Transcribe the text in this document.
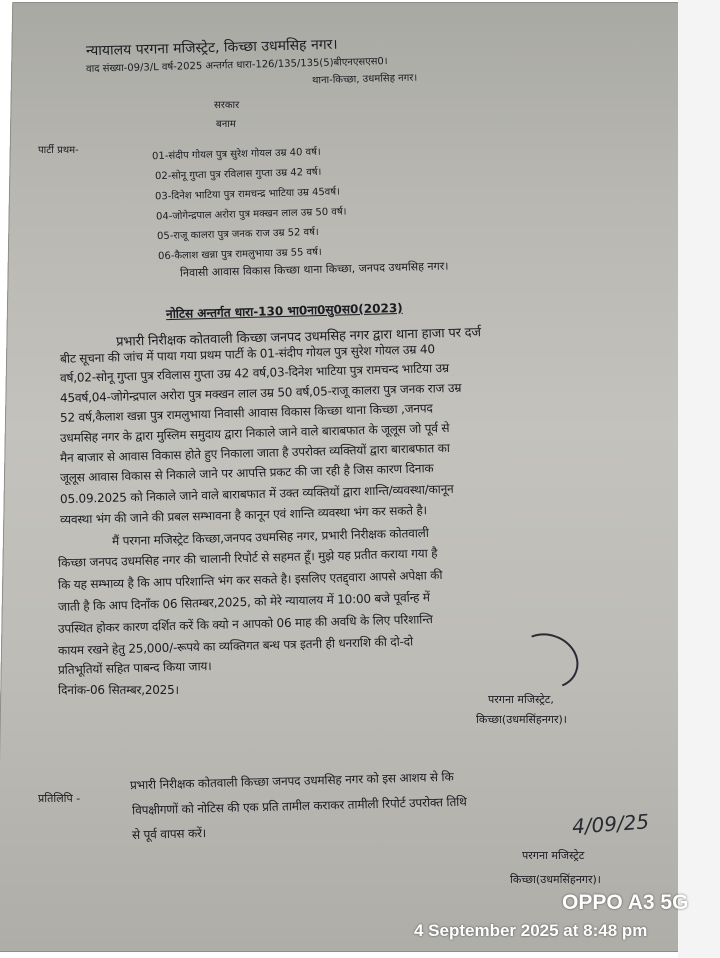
न्यायालय परगना मजिस्ट्रेट, किच्छा उधमसिह नगर।
वाद संख्या-09/3/L वर्ष-2025 अन्तर्गत धारा-126/135/135(5)बीएनएसएस0।
थाना-किच्छा, उधमसिह नगर।
सरकार
बनाम
पार्टी प्रथम-	01-संदीप गोयल पुत्र सुरेश गोयल उम्र 40 वर्ष।
02-सोनू गुप्ता पुत्र रविलास गुप्ता उम्र 42 वर्ष।
03-दिनेश भाटिया पुत्र रामचन्द्र भाटिया उम्र 45वर्ष।
04-जोगेन्द्रपाल अरोरा पुत्र मक्खन लाल उम्र 50 वर्ष।
05-राजू कालरा पुत्र जनक राज उम्र 52 वर्ष।
06-कैलाश खन्ना पुत्र रामलुभाया उम्र 55 वर्ष।
निवासी आवास विकास किच्छा थाना किच्छा, जनपद उधमसिह नगर।
नोटिस अन्तर्गत धारा-130 भा0ना0सु0स0(2023)
प्रभारी निरीक्षक कोतवाली किच्छा जनपद उधमसिह नगर द्वारा थाना हाजा पर दर्ज
बीट सूचना की जांच में पाया गया प्रथम पार्टी के 01-संदीप गोयल पुत्र सुरेश गोयल उम्र 40
वर्ष,02-सोनू गुप्ता पुत्र रविलास गुप्ता उम्र 42 वर्ष,03-दिनेश भाटिया पुत्र रामचन्द भाटिया उम्र
45वर्ष,04-जोगेन्द्रपाल अरोरा पुत्र मक्खन लाल उम्र 50 वर्ष,05-राजू कालरा पुत्र जनक राज उम्र
52 वर्ष,कैलाश खन्ना पुत्र रामलुभाया निवासी आवास विकास किच्छा थाना किच्छा ,जनपद
उधमसिह नगर के द्वारा मुस्लिम समुदाय द्वारा निकाले जाने वाले बाराबफात के जूलूस जो पूर्व से
मैन बाजार से आवास विकास होते हुए निकाला जाता है उपरोक्त व्यक्तियों द्वारा बाराबफात का
जूलूस आवास विकास से निकाले जाने पर आपत्ति प्रकट की जा रही है जिस कारण दिनाक
05.09.2025 को निकाले जाने वाले बाराबफात में उक्त व्यक्तियों द्वारा शान्ति/व्यवस्था/कानून
व्यवस्था भंग की जाने की प्रबल सम्भावना है कानून एवं शान्ति व्यवस्था भंग कर सकते है।
मैं परगना मजिस्ट्रेट किच्छा,जनपद उधमसिह नगर, प्रभारी निरीक्षक कोतवाली
किच्छा जनपद उधमसिह नगर की चालानी रिपोर्ट से सहमत हूँ। मुझे यह प्रतीत कराया गया है
कि यह सम्भाव्य है कि आप परिशान्ति भंग कर सकते है। इसलिए एतद्द्वारा आपसे अपेक्षा की
जाती है कि आप दिनाँक 06 सितम्बर,2025, को मेरे न्यायालय में 10:00 बजे पूर्वान्ह में
उपस्थित होकर कारण दर्शित करें कि क्यो न आपको 06 माह की अवधि के लिए परिशान्ति
कायम रखने हेतु 25,000/-रूपये का व्यक्तिगत बन्ध पत्र इतनी ही धनराशि की दो-दो
प्रतिभूतियों सहित पाबन्द किया जाय।
दिनांक-06 सितम्बर,2025।
परगना मजिस्ट्रेट,
किच्छा(उधमसिंहनगर)।
प्रतिलिपि -
प्रभारी निरीक्षक कोतवाली किच्छा जनपद उधमसिह नगर को इस आशय से कि
विपक्षीगणों को नोटिस की एक प्रति तामील कराकर तामीली रिपोर्ट उपरोक्त तिथि
से पूर्व वापस करें।	4/09/25
परगना मजिस्ट्रेट
किच्छा(उधमसिंहनगर)।
OPPO A3 5G
4 September 2025 at 8:48 pm
